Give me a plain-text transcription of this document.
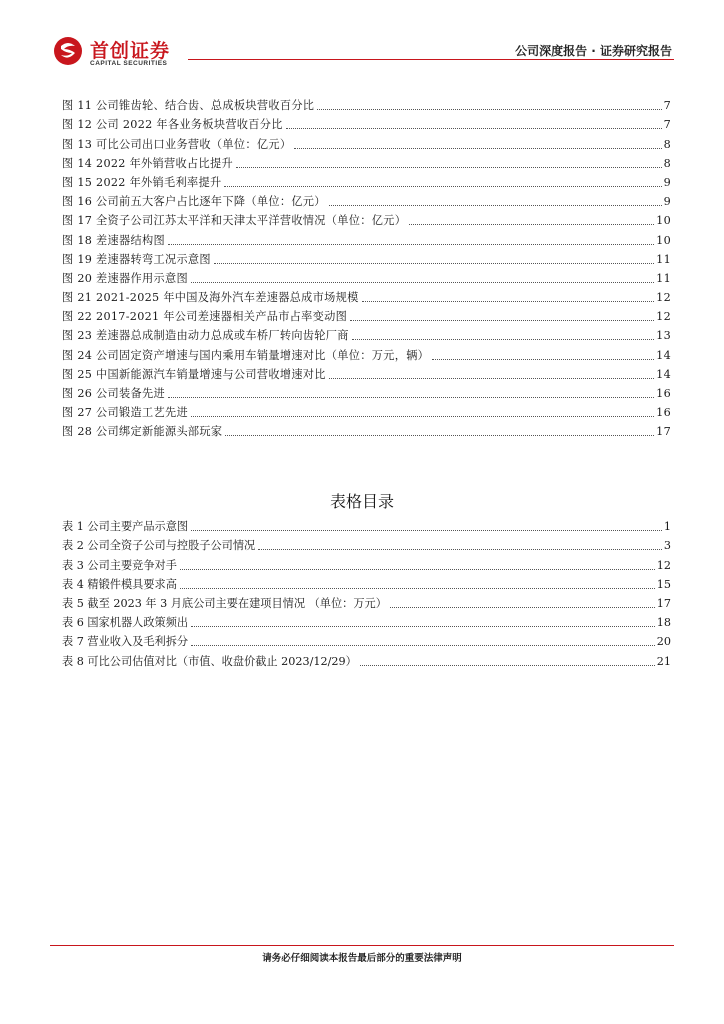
首创证券
CAPITAL SECURITIES
公司深度报告 · 证券研究报告
图 11 公司锥齿轮、结合齿、总成板块营收百分比	7
图 12 公司 2022 年各业务板块营收百分比	7
图 13 可比公司出口业务营收（单位：亿元）	8
图 14 2022 年外销营收占比提升	8
图 15 2022 年外销毛利率提升	9
图 16 公司前五大客户占比逐年下降（单位：亿元）	9
图 17 全资子公司江苏太平洋和天津太平洋营收情况（单位：亿元）	10
图 18 差速器结构图	10
图 19 差速器转弯工况示意图	11
图 20 差速器作用示意图	11
图 21 2021-2025 年中国及海外汽车差速器总成市场规模	12
图 22 2017-2021 年公司差速器相关产品市占率变动图	12
图 23 差速器总成制造由动力总成或车桥厂转向齿轮厂商	13
图 24 公司固定资产增速与国内乘用车销量增速对比（单位：万元，辆）	14
图 25 中国新能源汽车销量增速与公司营收增速对比	14
图 26 公司装备先进	16
图 27 公司锻造工艺先进	16
图 28 公司绑定新能源头部玩家	17
表格目录
表 1 公司主要产品示意图	1
表 2 公司全资子公司与控股子公司情况	3
表 3 公司主要竞争对手	12
表 4 精锻件模具要求高	15
表 5 截至 2023 年 3 月底公司主要在建项目情况 （单位：万元）	17
表 6 国家机器人政策频出	18
表 7 营业收入及毛利拆分	20
表 8 可比公司估值对比（市值、收盘价截止 2023/12/29）	21
请务必仔细阅读本报告最后部分的重要法律声明
